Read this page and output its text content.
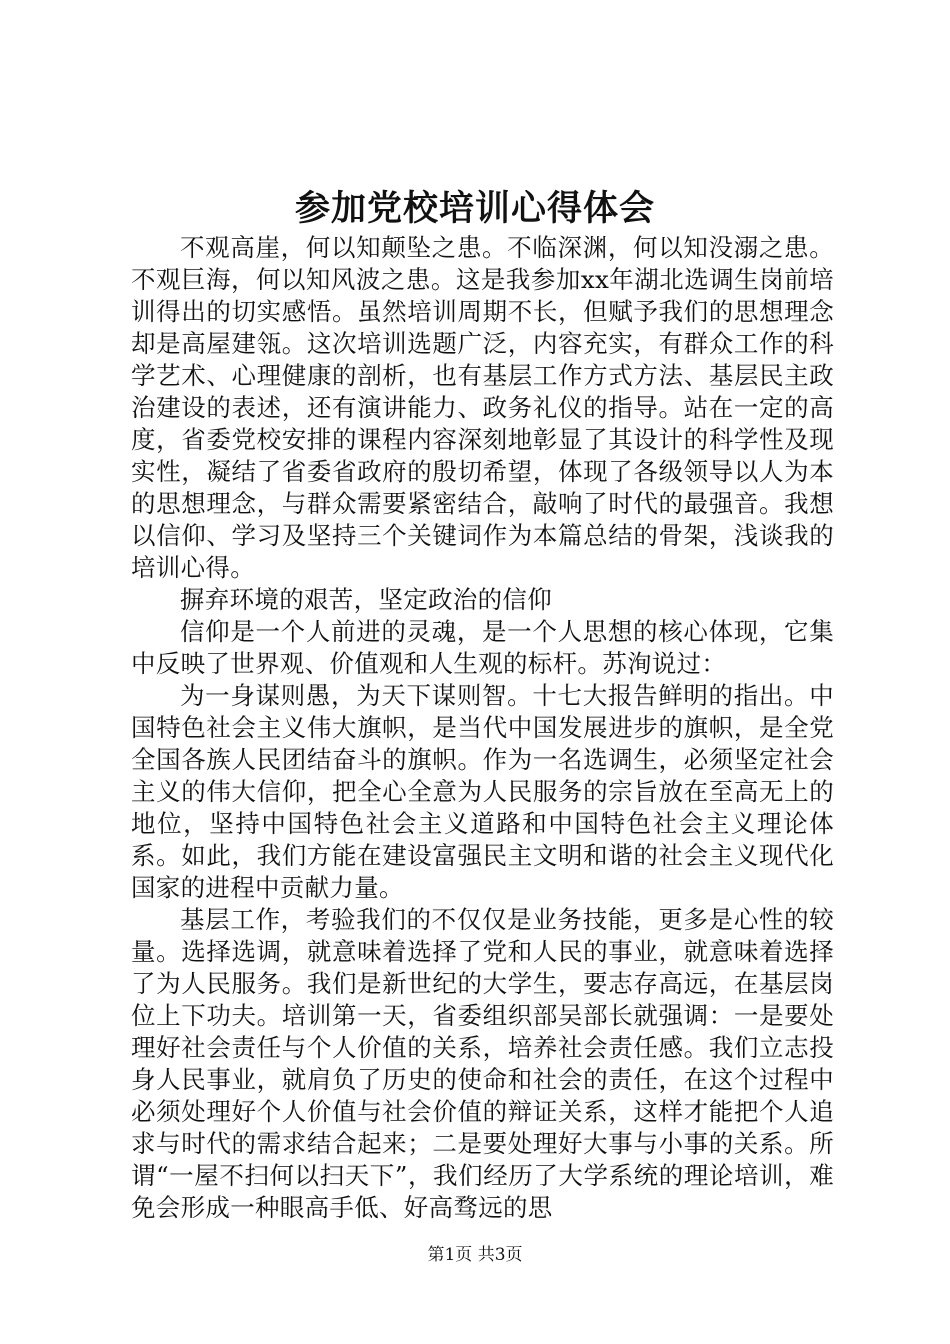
参加党校培训心得体会

不观高崖，何以知颠坠之患。不临深渊，何以知没溺之患。不观巨海，何以知风波之患。这是我参加xx年湖北选调生岗前培训得出的切实感悟。虽然培训周期不长，但赋予我们的思想理念却是高屋建瓴。这次培训选题广泛，内容充实，有群众工作的科学艺术、心理健康的剖析，也有基层工作方式方法、基层民主政治建设的表述，还有演讲能力、政务礼仪的指导。站在一定的高度，省委党校安排的课程内容深刻地彰显了其设计的科学性及现实性，凝结了省委省政府的殷切希望，体现了各级领导以人为本的思想理念，与群众需要紧密结合，敲响了时代的最强音。我想以信仰、学习及坚持三个关键词作为本篇总结的骨架，浅谈我的培训心得。

摒弃环境的艰苦，坚定政治的信仰

信仰是一个人前进的灵魂，是一个人思想的核心体现，它集中反映了世界观、价值观和人生观的标杆。苏洵说过：

为一身谋则愚，为天下谋则智。十七大报告鲜明的指出。中国特色社会主义伟大旗帜，是当代中国发展进步的旗帜，是全党全国各族人民团结奋斗的旗帜。作为一名选调生，必须坚定社会主义的伟大信仰，把全心全意为人民服务的宗旨放在至高无上的地位，坚持中国特色社会主义道路和中国特色社会主义理论体系。如此，我们方能在建设富强民主文明和谐的社会主义现代化国家的进程中贡献力量。

基层工作，考验我们的不仅仅是业务技能，更多是心性的较量。选择选调，就意味着选择了党和人民的事业，就意味着选择了为人民服务。我们是新世纪的大学生，要志存高远，在基层岗位上下功夫。培训第一天，省委组织部吴部长就强调：一是要处理好社会责任与个人价值的关系，培养社会责任感。我们立志投身人民事业，就肩负了历史的使命和社会的责任，在这个过程中必须处理好个人价值与社会价值的辩证关系，这样才能把个人追求与时代的需求结合起来；二是要处理好大事与小事的关系。所谓“一屋不扫何以扫天下”，我们经历了大学系统的理论培训，难免会形成一种眼高手低、好高骛远的思

第1页 共3页
